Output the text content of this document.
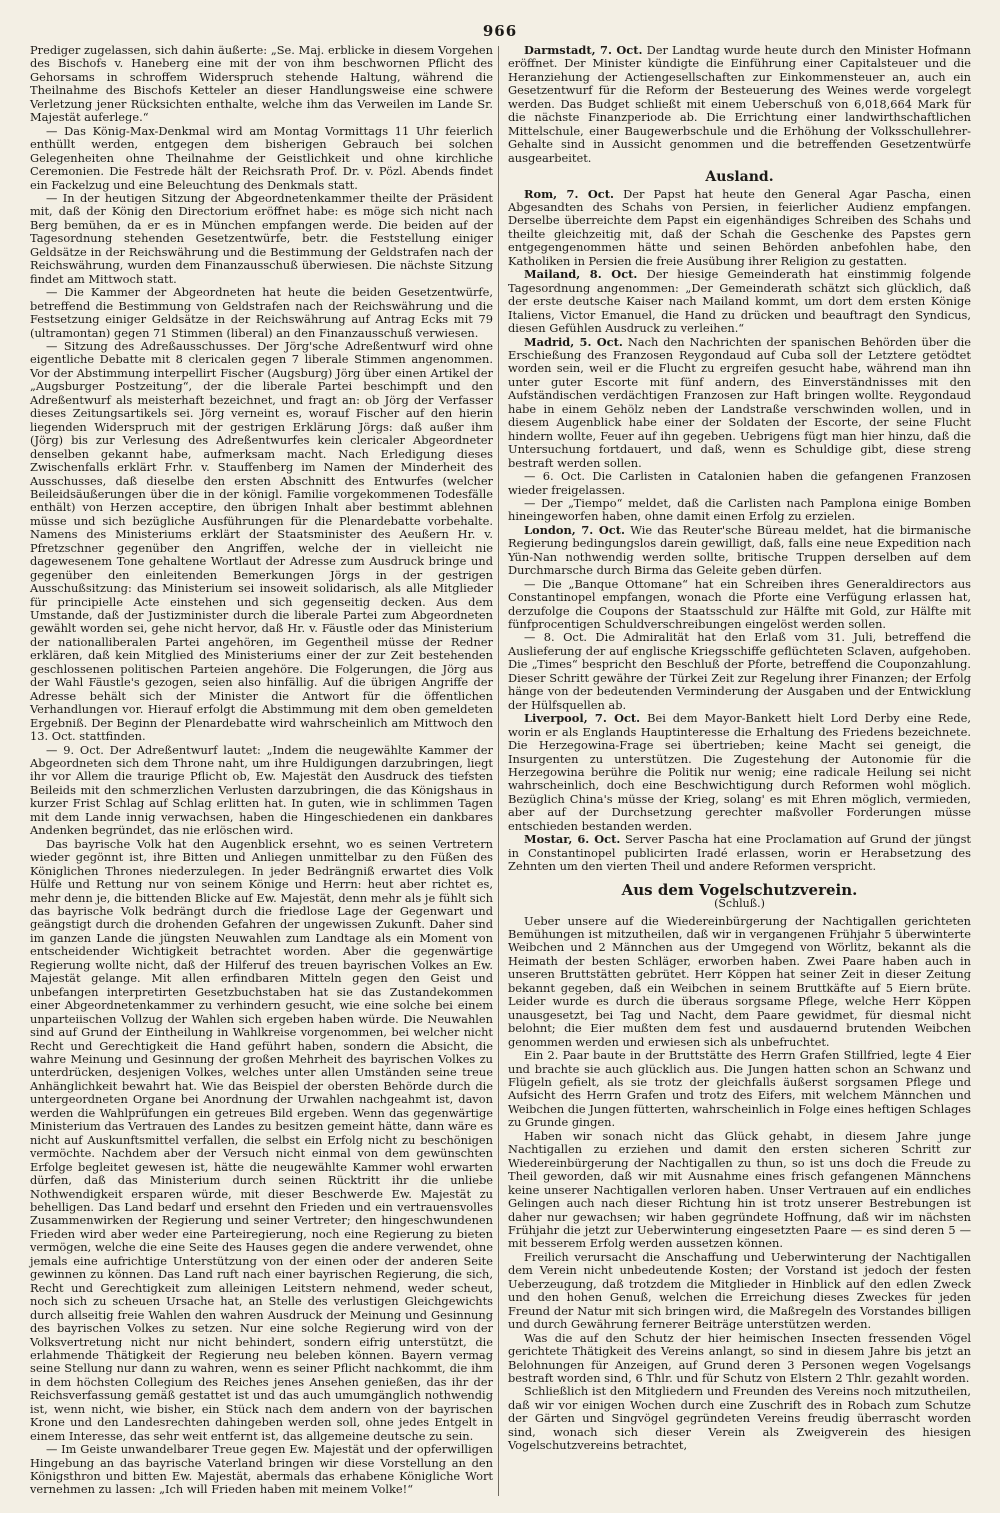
966

Prediger zugelassen, sich dahin äußerte: „Se. Maj. erblicke in diesem Vorgehen des Bischofs v. Haneberg eine mit der von ihm beschwornen Pflicht des Gehorsams in schroffem Widerspruch stehende Haltung, während die Theilnahme des Bischofs Ketteler an dieser Handlungsweise eine schwere Verletzung jener Rücksichten enthalte, welche ihm das Verweilen im Lande Sr. Majestät auferlege.“

— Das König-Max-Denkmal wird am Montag Vormittags 11 Uhr feierlich enthüllt werden, entgegen dem bisherigen Gebrauch bei solchen Gelegenheiten ohne Theilnahme der Geistlichkeit und ohne kirchliche Ceremonien. Die Festrede hält der Reichsrath Prof. Dr. v. Pözl. Abends findet ein Fackelzug und eine Beleuchtung des Denkmals statt.

— In der heutigen Sitzung der Abgeordnetenkammer theilte der Präsident mit, daß der König den Directorium eröffnet habe: es möge sich nicht nach Berg bemühen, da er es in München empfangen werde. Die beiden auf der Tagesordnung stehenden Gesetzentwürfe, betr. die Feststellung einiger Geldsätze in der Reichswährung und die Bestimmung der Geldstrafen nach der Reichswährung, wurden dem Finanzausschuß überwiesen. Die nächste Sitzung findet am Mittwoch statt.

— Die Kammer der Abgeordneten hat heute die beiden Gesetzentwürfe, betreffend die Bestimmung von Geldstrafen nach der Reichswährung und die Festsetzung einiger Geldsätze in der Reichswährung auf Antrag Ecks mit 79 (ultramontan) gegen 71 Stimmen (liberal) an den Finanzausschuß verwiesen.

— Sitzung des Adreßausschusses. Der Jörg'sche Adreßentwurf wird ohne eigentliche Debatte mit 8 clericalen gegen 7 liberale Stimmen angenommen. Vor der Abstimmung interpellirt Fischer (Augsburg) Jörg über einen Artikel der „Augsburger Postzeitung“, der die liberale Partei beschimpft und den Adreßentwurf als meisterhaft bezeichnet, und fragt an: ob Jörg der Verfasser dieses Zeitungsartikels sei. Jörg verneint es, worauf Fischer auf den hierin liegenden Widerspruch mit der gestrigen Erklärung Jörgs: daß außer ihm (Jörg) bis zur Verlesung des Adreßentwurfes kein clericaler Abgeordneter denselben gekannt habe, aufmerksam macht. Nach Erledigung dieses Zwischenfalls erklärt Frhr. v. Stauffenberg im Namen der Minderheit des Ausschusses, daß dieselbe den ersten Abschnitt des Entwurfes (welcher Beileidsäußerungen über die in der königl. Familie vorgekommenen Todesfälle enthält) von Herzen acceptire, den übrigen Inhalt aber bestimmt ablehnen müsse und sich bezügliche Ausführungen für die Plenardebatte vorbehalte. Namens des Ministeriums erklärt der Staatsminister des Aeußern Hr. v. Pfretzschner gegenüber den Angriffen, welche der in vielleicht nie dagewesenem Tone gehaltene Wortlaut der Adresse zum Ausdruck bringe und gegenüber den einleitenden Bemerkungen Jörgs in der gestrigen Ausschußsitzung: das Ministerium sei insoweit solidarisch, als alle Mitglieder für principielle Acte einstehen und sich gegenseitig decken. Aus dem Umstande, daß der Justizminister durch die liberale Partei zum Abgeordneten gewählt worden sei, gehe nicht hervor, daß Hr. v. Fäustle oder das Ministerium der nationalliberalen Partei angehören, im Gegentheil müsse der Redner erklären, daß kein Mitglied des Ministeriums einer der zur Zeit bestehenden geschlossenen politischen Parteien angehöre. Die Folgerungen, die Jörg aus der Wahl Fäustle's gezogen, seien also hinfällig. Auf die übrigen Angriffe der Adresse behält sich der Minister die Antwort für die öffentlichen Verhandlungen vor. Hierauf erfolgt die Abstimmung mit dem oben gemeldeten Ergebniß. Der Beginn der Plenardebatte wird wahrscheinlich am Mittwoch den 13. Oct. stattfinden.

— 9. Oct. Der Adreßentwurf lautet: „Indem die neugewählte Kammer der Abgeordneten sich dem Throne naht, um ihre Huldigungen darzubringen, liegt ihr vor Allem die traurige Pflicht ob, Ew. Majestät den Ausdruck des tiefsten Beileids mit den schmerzlichen Verlusten darzubringen, die das Königshaus in kurzer Frist Schlag auf Schlag erlitten hat. In guten, wie in schlimmen Tagen mit dem Lande innig verwachsen, haben die Hingeschiedenen ein dankbares Andenken begründet, das nie erlöschen wird.

Das bayrische Volk hat den Augenblick ersehnt, wo es seinen Vertretern wieder gegönnt ist, ihre Bitten und Anliegen unmittelbar zu den Füßen des Königlichen Thrones niederzulegen. In jeder Bedrängniß erwartet dies Volk Hülfe und Rettung nur von seinem Könige und Herrn: heut aber richtet es, mehr denn je, die bittenden Blicke auf Ew. Majestät, denn mehr als je fühlt sich das bayrische Volk bedrängt durch die friedlose Lage der Gegenwart und geängstigt durch die drohenden Gefahren der ungewissen Zukunft. Daher sind im ganzen Lande die jüngsten Neuwahlen zum Landtage als ein Moment von entscheidender Wichtigkeit betrachtet worden. Aber die gegenwärtige Regierung wollte nicht, daß der Hilferuf des treuen bayrischen Volkes an Ew. Majestät gelange. Mit allen erfindbaren Mitteln gegen den Geist und unbefangen interpretirten Gesetzbuchstaben hat sie das Zustandekommen einer Abgeordnetenkammer zu verhindern gesucht, wie eine solche bei einem unparteiischen Vollzug der Wahlen sich ergeben haben würde. Die Neuwahlen sind auf Grund der Eintheilung in Wahlkreise vorgenommen, bei welcher nicht Recht und Gerechtigkeit die Hand geführt haben, sondern die Absicht, die wahre Meinung und Gesinnung der großen Mehrheit des bayrischen Volkes zu unterdrücken, desjenigen Volkes, welches unter allen Umständen seine treue Anhänglichkeit bewahrt hat. Wie das Beispiel der obersten Behörde durch die untergeordneten Organe bei Anordnung der Urwahlen nachgeahmt ist, davon werden die Wahlprüfungen ein getreues Bild ergeben. Wenn das gegenwärtige Ministerium das Vertrauen des Landes zu besitzen gemeint hätte, dann wäre es nicht auf Auskunftsmittel verfallen, die selbst ein Erfolg nicht zu beschönigen vermöchte. Nachdem aber der Versuch nicht einmal von dem gewünschten Erfolge begleitet gewesen ist, hätte die neugewählte Kammer wohl erwarten dürfen, daß das Ministerium durch seinen Rücktritt ihr die unliebe Nothwendigkeit ersparen würde, mit dieser Beschwerde Ew. Majestät zu behelligen. Das Land bedarf und ersehnt den Frieden und ein vertrauensvolles Zusammenwirken der Regierung und seiner Vertreter; den hingeschwundenen Frieden wird aber weder eine Parteiregierung, noch eine Regierung zu bieten vermögen, welche die eine Seite des Hauses gegen die andere verwendet, ohne jemals eine aufrichtige Unterstützung von der einen oder der anderen Seite gewinnen zu können. Das Land ruft nach einer bayrischen Regierung, die sich, Recht und Gerechtigkeit zum alleinigen Leitstern nehmend, weder scheut, noch sich zu scheuen Ursache hat, an Stelle des verlustigen Gleichgewichts durch allseitig freie Wahlen den wahren Ausdruck der Meinung und Gesinnung des bayrischen Volkes zu setzen. Nur eine solche Regierung wird von der Volksvertretung nicht nur nicht behindert, sondern eifrig unterstützt, die erlahmende Thätigkeit der Regierung neu beleben können. Bayern vermag seine Stellung nur dann zu wahren, wenn es seiner Pflicht nachkommt, die ihm in dem höchsten Collegium des Reiches jenes Ansehen genießen, das ihr der Reichsverfassung gemäß gestattet ist und das auch umumgänglich nothwendig ist, wenn nicht, wie bisher, ein Stück nach dem andern von der bayrischen Krone und den Landesrechten dahingeben werden soll, ohne jedes Entgelt in einem Interesse, das sehr weit entfernt ist, das allgemeine deutsche zu sein.

— Im Geiste unwandelbarer Treue gegen Ew. Majestät und der opferwilligen Hingebung an das bayrische Vaterland bringen wir diese Vorstellung an den Königsthron und bitten Ew. Majestät, abermals das erhabene Königliche Wort vernehmen zu lassen: „Ich will Frieden haben mit meinem Volke!“

Darmstadt, 7. Oct. Der Landtag wurde heute durch den Minister Hofmann eröffnet. Der Minister kündigte die Einführung einer Capitalsteuer und die Heranziehung der Actiengesellschaften zur Einkommensteuer an, auch ein Gesetzentwurf für die Reform der Besteuerung des Weines werde vorgelegt werden. Das Budget schließt mit einem Ueberschuß von 6,018,664 Mark für die nächste Finanzperiode ab. Die Errichtung einer landwirthschaftlichen Mittelschule, einer Baugewerbschule und die Erhöhung der Volksschullehrer-Gehalte sind in Aussicht genommen und die betreffenden Gesetzentwürfe ausgearbeitet.

Ausland.

Rom, 7. Oct. Der Papst hat heute den General Agar Pascha, einen Abgesandten des Schahs von Persien, in feierlicher Audienz empfangen. Derselbe überreichte dem Papst ein eigenhändiges Schreiben des Schahs und theilte gleichzeitig mit, daß der Schah die Geschenke des Papstes gern entgegengenommen hätte und seinen Behörden anbefohlen habe, den Katholiken in Persien die freie Ausübung ihrer Religion zu gestatten.

Mailand, 8. Oct. Der hiesige Gemeinderath hat einstimmig folgende Tagesordnung angenommen: „Der Gemeinderath schätzt sich glücklich, daß der erste deutsche Kaiser nach Mailand kommt, um dort dem ersten Könige Italiens, Victor Emanuel, die Hand zu drücken und beauftragt den Syndicus, diesen Gefühlen Ausdruck zu verleihen.“

Madrid, 5. Oct. Nach den Nachrichten der spanischen Behörden über die Erschießung des Franzosen Reygondaud auf Cuba soll der Letztere getödtet worden sein, weil er die Flucht zu ergreifen gesucht habe, während man ihn unter guter Escorte mit fünf andern, des Einverständnisses mit den Aufständischen verdächtigen Franzosen zur Haft bringen wollte. Reygondaud habe in einem Gehölz neben der Landstraße verschwinden wollen, und in diesem Augenblick habe einer der Soldaten der Escorte, der seine Flucht hindern wollte, Feuer auf ihn gegeben. Uebrigens fügt man hier hinzu, daß die Untersuchung fortdauert, und daß, wenn es Schuldige gibt, diese streng bestraft werden sollen.

— 6. Oct. Die Carlisten in Catalonien haben die gefangenen Franzosen wieder freigelassen.

— Der „Tiempo“ meldet, daß die Carlisten nach Pamplona einige Bomben hineingeworfen haben, ohne damit einen Erfolg zu erzielen.

London, 7. Oct. Wie das Reuter'sche Büreau meldet, hat die birmanische Regierung bedingungslos darein gewilligt, daß, falls eine neue Expedition nach Yün-Nan nothwendig werden sollte, britische Truppen derselben auf dem Durchmarsche durch Birma das Geleite geben dürfen.

— Die „Banque Ottomane“ hat ein Schreiben ihres Generaldirectors aus Constantinopel empfangen, wonach die Pforte eine Verfügung erlassen hat, derzufolge die Coupons der Staatsschuld zur Hälfte mit Gold, zur Hälfte mit fünfprocentigen Schuldverschreibungen eingelöst werden sollen.

— 8. Oct. Die Admiralität hat den Erlaß vom 31. Juli, betreffend die Auslieferung der auf englische Kriegsschiffe geflüchteten Sclaven, aufgehoben. Die „Times“ bespricht den Beschluß der Pforte, betreffend die Couponzahlung. Dieser Schritt gewähre der Türkei Zeit zur Regelung ihrer Finanzen; der Erfolg hänge von der bedeutenden Verminderung der Ausgaben und der Entwicklung der Hülfsquellen ab.

Liverpool, 7. Oct. Bei dem Mayor-Bankett hielt Lord Derby eine Rede, worin er als Englands Hauptinteresse die Erhaltung des Friedens bezeichnete. Die Herzegowina-Frage sei übertrieben; keine Macht sei geneigt, die Insurgenten zu unterstützen. Die Zugestehung der Autonomie für die Herzegowina berühre die Politik nur wenig; eine radicale Heilung sei nicht wahrscheinlich, doch eine Beschwichtigung durch Reformen wohl möglich. Bezüglich China's müsse der Krieg, solang' es mit Ehren möglich, vermieden, aber auf der Durchsetzung gerechter maßvoller Forderungen müsse entschieden bestanden werden.

Mostar, 6. Oct. Server Pascha hat eine Proclamation auf Grund der jüngst in Constantinopel publicirten Iradé erlassen, worin er Herabsetzung des Zehnten um den vierten Theil und andere Reformen verspricht.

Aus dem Vogelschutzverein.
(Schluß.)

Ueber unsere auf die Wiedereinbürgerung der Nachtigallen gerichteten Bemühungen ist mitzutheilen, daß wir in vergangenen Frühjahr 5 überwinterte Weibchen und 2 Männchen aus der Umgegend von Wörlitz, bekannt als die Heimath der besten Schläger, erworben haben. Zwei Paare haben auch in unseren Bruttstätten gebrütet. Herr Köppen hat seiner Zeit in dieser Zeitung bekannt gegeben, daß ein Weibchen in seinem Bruttkäfte auf 5 Eiern brüte. Leider wurde es durch die überaus sorgsame Pflege, welche Herr Köppen unausgesetzt, bei Tag und Nacht, dem Paare gewidmet, für diesmal nicht belohnt; die Eier mußten dem fest und ausdauernd brutenden Weibchen genommen werden und erwiesen sich als unbefruchtet.

Ein 2. Paar baute in der Bruttstätte des Herrn Grafen Stillfried, legte 4 Eier und brachte sie auch glücklich aus. Die Jungen hatten schon an Schwanz und Flügeln gefielt, als sie trotz der gleichfalls äußerst sorgsamen Pflege und Aufsicht des Herrn Grafen und trotz des Eifers, mit welchem Männchen und Weibchen die Jungen fütterten, wahrscheinlich in Folge eines heftigen Schlages zu Grunde gingen.

Haben wir sonach nicht das Glück gehabt, in diesem Jahre junge Nachtigallen zu erziehen und damit den ersten sicheren Schritt zur Wiedereinbürgerung der Nachtigallen zu thun, so ist uns doch die Freude zu Theil geworden, daß wir mit Ausnahme eines frisch gefangenen Männchens keine unserer Nachtigallen verloren haben. Unser Vertrauen auf ein endliches Gelingen auch nach dieser Richtung hin ist trotz unserer Bestrebungen ist daher nur gewachsen; wir haben gegründete Hoffnung, daß wir im nächsten Frühjahr die jetzt zur Ueberwinterung eingesetzten Paare — es sind deren 5 — mit besserem Erfolg werden aussetzen können.

Freilich verursacht die Anschaffung und Ueberwinterung der Nachtigallen dem Verein nicht unbedeutende Kosten; der Vorstand ist jedoch der festen Ueberzeugung, daß trotzdem die Mitglieder in Hinblick auf den edlen Zweck und den hohen Genuß, welchen die Erreichung dieses Zweckes für jeden Freund der Natur mit sich bringen wird, die Maßregeln des Vorstandes billigen und durch Gewährung fernerer Beiträge unterstützen werden.

Was die auf den Schutz der hier heimischen Insecten fressenden Vögel gerichtete Thätigkeit des Vereins anlangt, so sind in diesem Jahre bis jetzt an Belohnungen für Anzeigen, auf Grund deren 3 Personen wegen Vogelsangs bestraft worden sind, 6 Thlr. und für Schutz von Elstern 2 Thlr. gezahlt worden.

Schließlich ist den Mitgliedern und Freunden des Vereins noch mitzutheilen, daß wir vor einigen Wochen durch eine Zuschrift des in Robach zum Schutze der Gärten und Singvögel gegründeten Vereins freudig überrascht worden sind, wonach sich dieser Verein als Zweigverein des hiesigen Vogelschutzvereins betrachtet,
